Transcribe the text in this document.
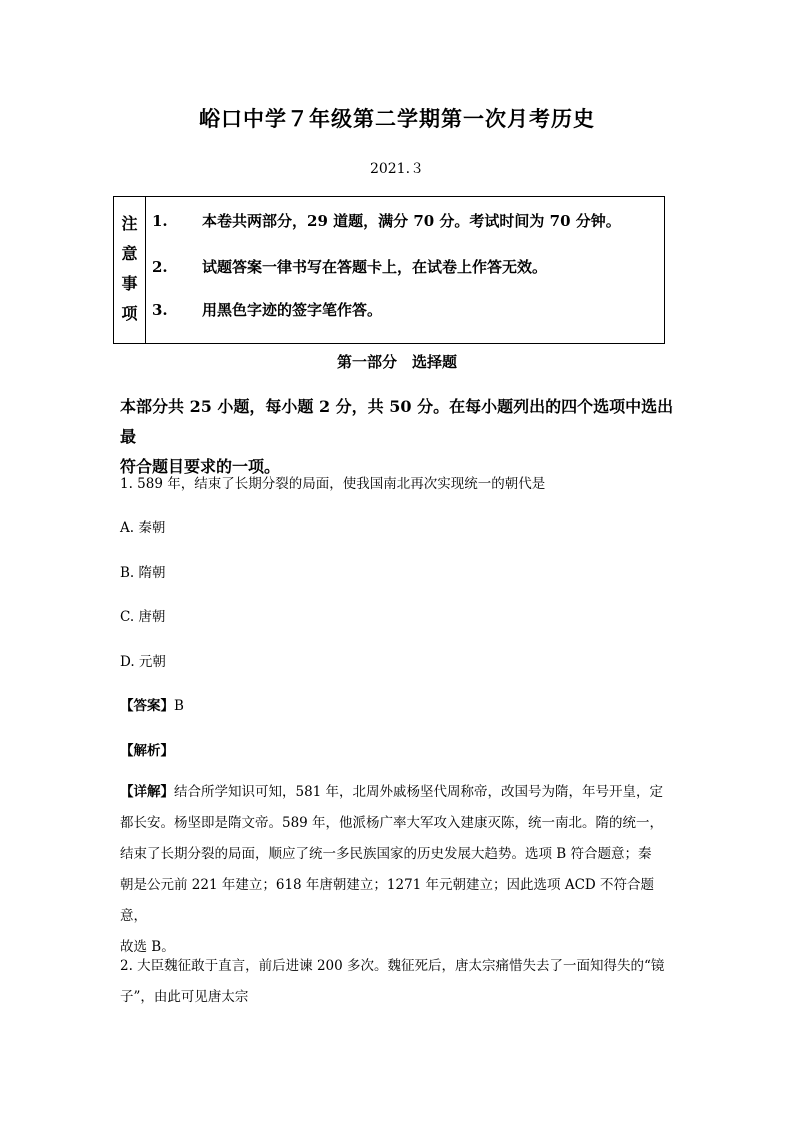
峪口中学７年级第二学期第一次月考历史
2021.３
注
意
事
项
1. 本卷共两部分，29 道题，满分 70 分。考试时间为 70 分钟。
2. 试题答案一律书写在答题卡上，在试卷上作答无效。
3. 用黑色字迹的签字笔作答。
第一部分　选择题
本部分共 25 小题，每小题 2 分，共 50 分。在每小题列出的四个选项中选出最
符合题目要求的一项。
1. 589 年，结束了长期分裂的局面，使我国南北再次实现统一的朝代是
A. 秦朝
B. 隋朝
C. 唐朝
D. 元朝
【答案】B
【解析】
【详解】结合所学知识可知，581 年，北周外戚杨坚代周称帝，改国号为隋，年号开皇，定
都长安。杨坚即是隋文帝。589 年，他派杨广率大军攻入建康灭陈，统一南北。隋的统一，
结束了长期分裂的局面，顺应了统一多民族国家的历史发展大趋势。选项 B 符合题意；秦
朝是公元前 221 年建立；618 年唐朝建立；1271 年元朝建立；因此选项 ACD 不符合题意，
故选 B。
2. 大臣魏征敢于直言，前后进谏 200 多次。魏征死后，唐太宗痛惜失去了一面知得失的“镜
子”，由此可见唐太宗
